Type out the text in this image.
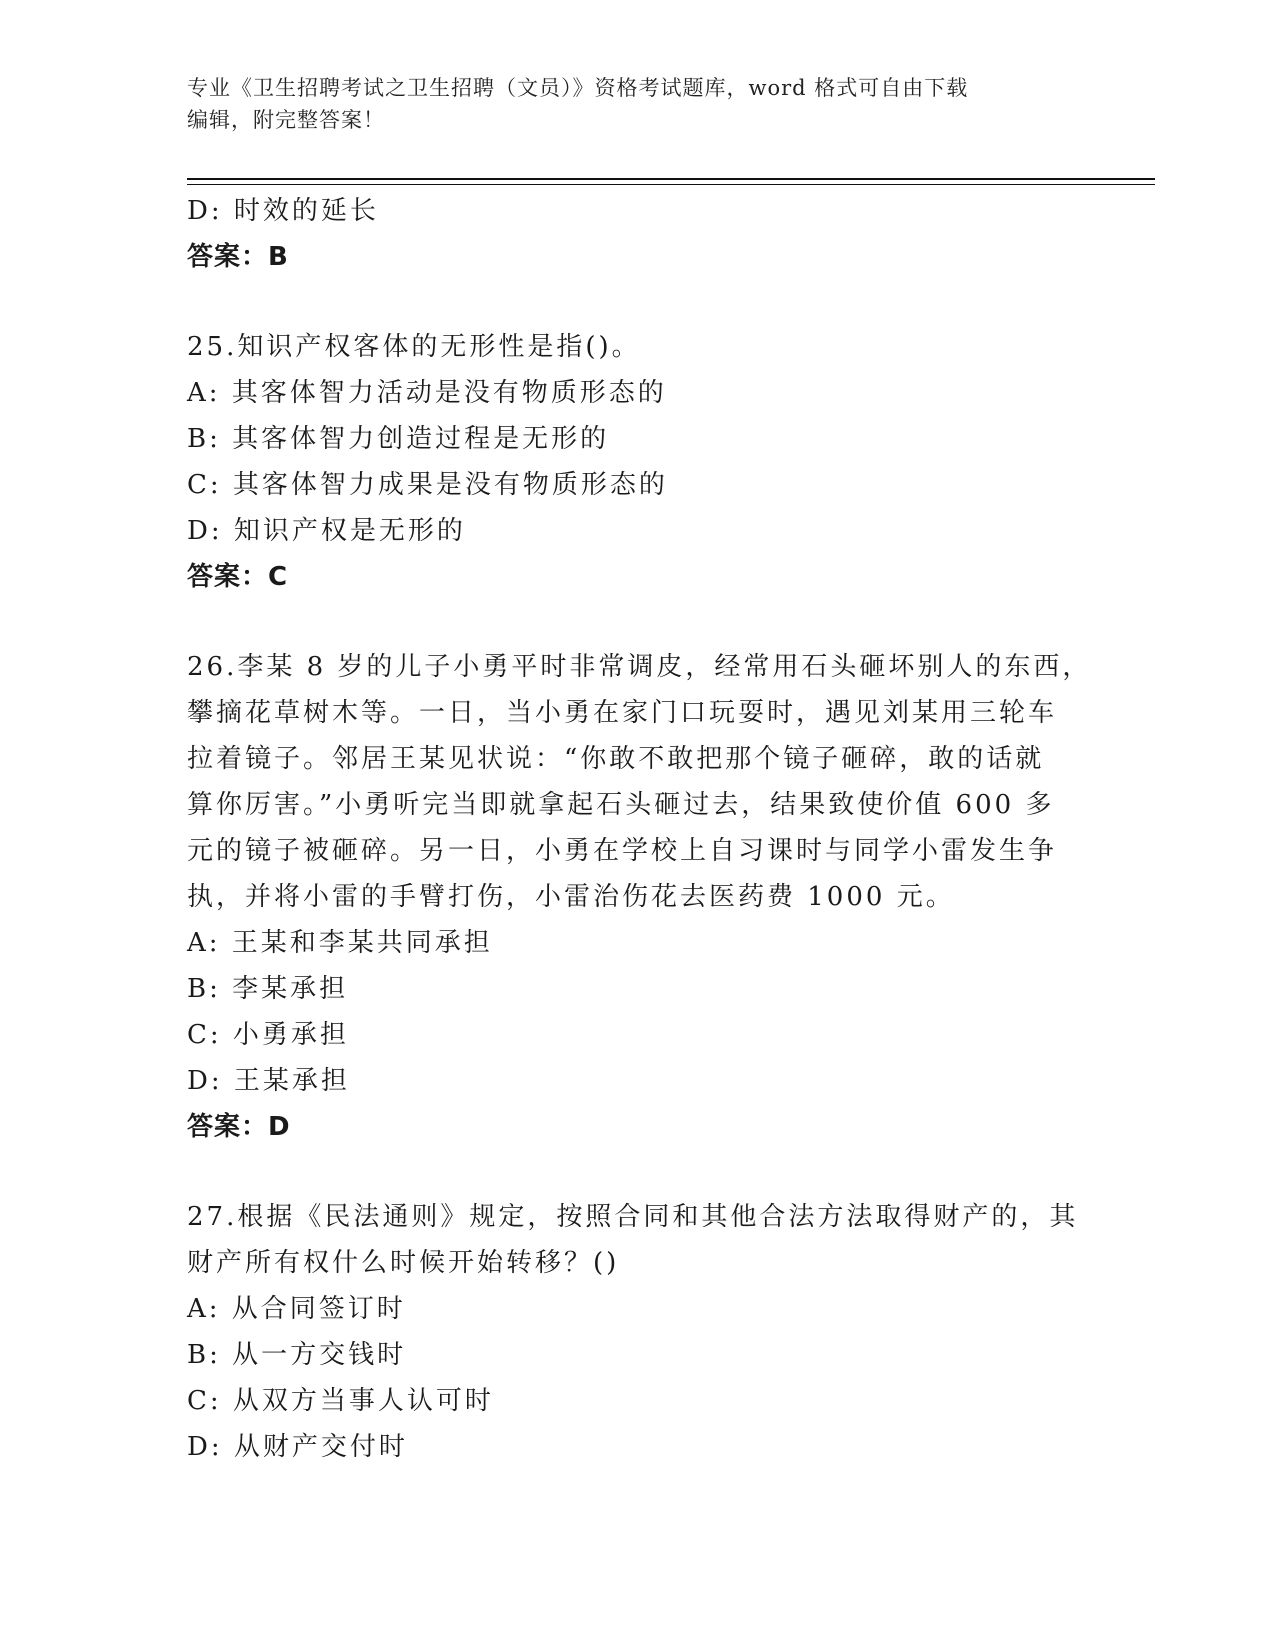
专业《卫生招聘考试之卫生招聘（文员）》资格考试题库，word 格式可自由下载
编辑，附完整答案！
D: 时效的延长
答案：B
25.知识产权客体的无形性是指()。
A: 其客体智力活动是没有物质形态的
B: 其客体智力创造过程是无形的
C: 其客体智力成果是没有物质形态的
D: 知识产权是无形的
答案：C
26.李某 8 岁的儿子小勇平时非常调皮，经常用石头砸坏别人的东西，
攀摘花草树木等。一日，当小勇在家门口玩耍时，遇见刘某用三轮车
拉着镜子。邻居王某见状说：“你敢不敢把那个镜子砸碎，敢的话就
算你厉害。”小勇听完当即就拿起石头砸过去，结果致使价值 600 多
元的镜子被砸碎。另一日，小勇在学校上自习课时与同学小雷发生争
执，并将小雷的手臂打伤，小雷治伤花去医药费 1000 元。
A: 王某和李某共同承担
B: 李某承担
C: 小勇承担
D: 王某承担
答案：D
27.根据《民法通则》规定，按照合同和其他合法方法取得财产的，其
财产所有权什么时候开始转移？()
A: 从合同签订时
B: 从一方交钱时
C: 从双方当事人认可时
D: 从财产交付时
